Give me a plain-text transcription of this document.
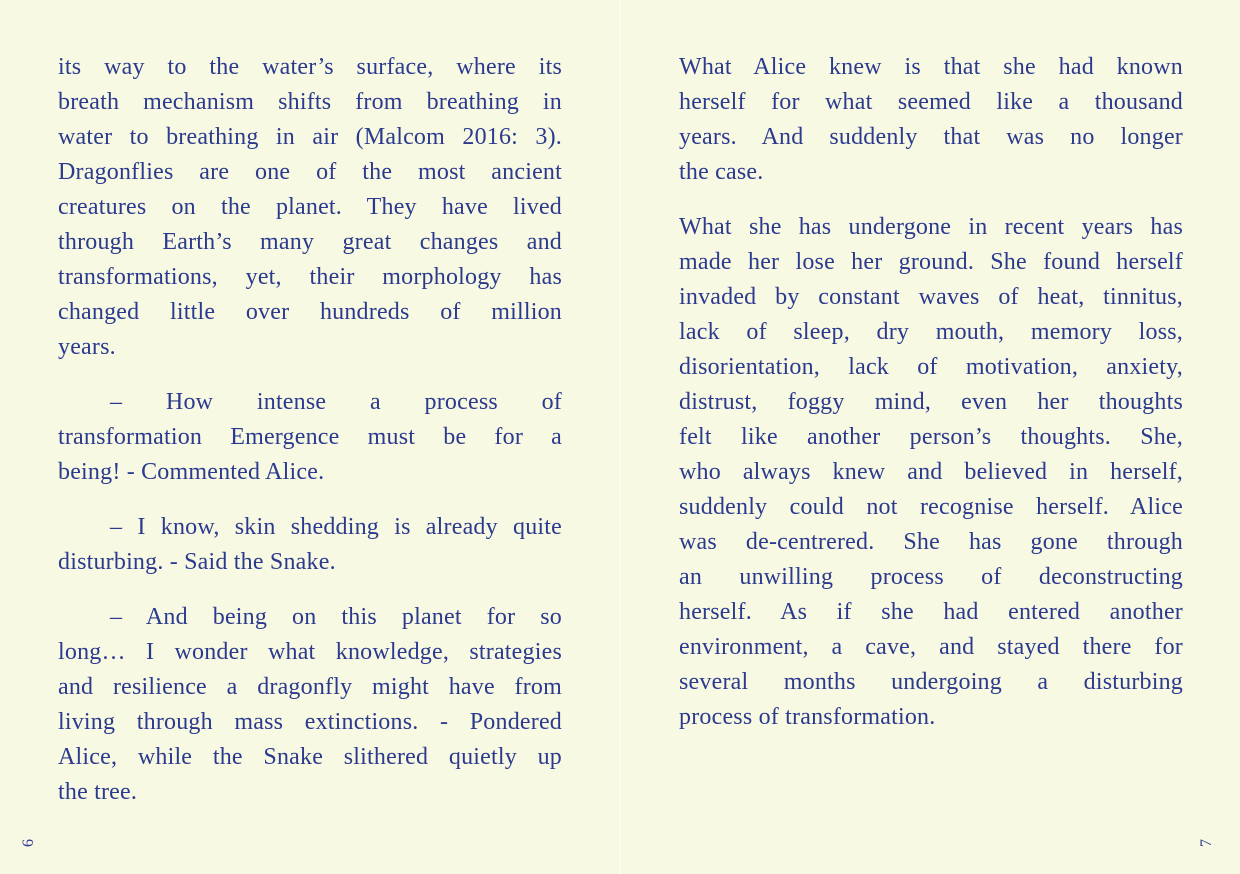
its way to the water’s surface, where its
breath mechanism shifts from breathing in
water to breathing in air (Malcom 2016: 3).
Dragonflies are one of the most ancient
creatures on the planet. They have lived
through Earth’s many great changes and
transformations, yet, their morphology has
changed little over hundreds of million
years.
– How intense a process of
transformation Emergence must be for a
being! - Commented Alice.
– I know, skin shedding is already quite
disturbing. - Said the Snake.
– And being on this planet for so
long… I wonder what knowledge, strategies
and resilience a dragonfly might have from
living through mass extinctions. - Pondered
Alice, while the Snake slithered quietly up
the tree.
What Alice knew is that she had known
herself for what seemed like a thousand
years. And suddenly that was no longer
the case.
What she has undergone in recent years has
made her lose her ground. She found herself
invaded by constant waves of heat, tinnitus,
lack of sleep, dry mouth, memory loss,
disorientation, lack of motivation, anxiety,
distrust, foggy mind, even her thoughts
felt like another person’s thoughts. She,
who always knew and believed in herself,
suddenly could not recognise herself. Alice
was de-centrered. She has gone through
an unwilling process of deconstructing
herself. As if she had entered another
environment, a cave, and stayed there for
several months undergoing a disturbing
process of transformation.
6	7
